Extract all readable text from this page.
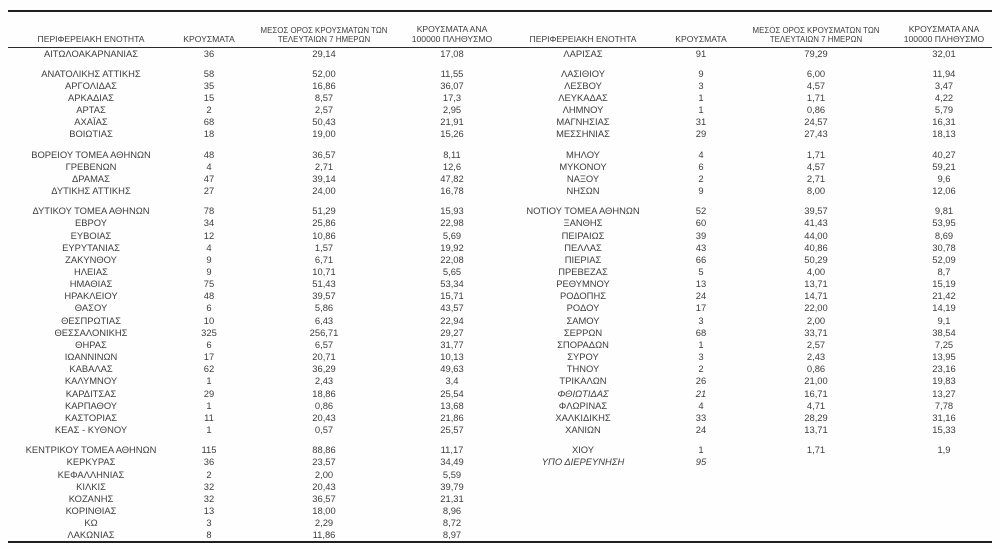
ΠΕΡΙΦΕΡΕΙΑΚΗ ΕΝΟΤΗΤΑ	ΚΡΟΥΣΜΑΤΑ	ΜΕΣΟΣ ΟΡΟΣ ΚΡΟΥΣΜΑΤΩΝ ΤΩΝ ΤΕΛΕΥΤΑΙΩΝ 7 ΗΜΕΡΩΝ	ΚΡΟΥΣΜΑΤΑ ΑΝΑ 100000 ΠΛΗΘΥΣΜΟ	ΠΕΡΙΦΕΡΕΙΑΚΗ ΕΝΟΤΗΤΑ	ΚΡΟΥΣΜΑΤΑ	ΜΕΣΟΣ ΟΡΟΣ ΚΡΟΥΣΜΑΤΩΝ ΤΩΝ ΤΕΛΕΥΤΑΙΩΝ 7 ΗΜΕΡΩΝ	ΚΡΟΥΣΜΑΤΑ ΑΝΑ 100000 ΠΛΗΘΥΣΜΟ
ΑΙΤΩΛΟΑΚΑΡΝΑΝΙΑΣ	36	29,14	17,08	ΛΑΡΙΣΑΣ	91	79,29	32,01

ΑΝΑΤΟΛΙΚΗΣ ΑΤΤΙΚΗΣ	58	52,00	11,55	ΛΑΣΙΘΙΟΥ	9	6,00	11,94
ΑΡΓΟΛΙΔΑΣ	35	16,86	36,07	ΛΕΣΒΟΥ	3	4,57	3,47
ΑΡΚΑΔΙΑΣ	15	8,57	17,3	ΛΕΥΚΑΔΑΣ	1	1,71	4,22
ΑΡΤΑΣ	2	2,57	2,95	ΛΗΜΝΟΥ	1	0,86	5,79
ΑΧΑΪΑΣ	68	50,43	21,91	ΜΑΓΝΗΣΙΑΣ	31	24,57	16,31
ΒΟΙΩΤΙΑΣ	18	19,00	15,26	ΜΕΣΣΗΝΙΑΣ	29	27,43	18,13

ΒΟΡΕΙΟΥ ΤΟΜΕΑ ΑΘΗΝΩΝ	48	36,57	8,11	ΜΗΛΟΥ	4	1,71	40,27
ΓΡΕΒΕΝΩΝ	4	2,71	12,6	ΜΥΚΟΝΟΥ	6	4,57	59,21
ΔΡΑΜΑΣ	47	39,14	47,82	ΝΑΞΟΥ	2	2,71	9,6
ΔΥΤΙΚΗΣ ΑΤΤΙΚΗΣ	27	24,00	16,78	ΝΗΣΩΝ	9	8,00	12,06

ΔΥΤΙΚΟΥ ΤΟΜΕΑ ΑΘΗΝΩΝ	78	51,29	15,93	ΝΟΤΙΟΥ ΤΟΜΕΑ ΑΘΗΝΩΝ	52	39,57	9,81
ΕΒΡΟΥ	34	25,86	22,98	ΞΑΝΘΗΣ	60	41,43	53,95
ΕΥΒΟΙΑΣ	12	10,86	5,69	ΠΕΙΡΑΙΩΣ	39	44,00	8,69
ΕΥΡΥΤΑΝΙΑΣ	4	1,57	19,92	ΠΕΛΛΑΣ	43	40,86	30,78
ΖΑΚΥΝΘΟΥ	9	6,71	22,08	ΠΙΕΡΙΑΣ	66	50,29	52,09
ΗΛΕΙΑΣ	9	10,71	5,65	ΠΡΕΒΕΖΑΣ	5	4,00	8,7
ΗΜΑΘΙΑΣ	75	51,43	53,34	ΡΕΘΥΜΝΟΥ	13	13,71	15,19
ΗΡΑΚΛΕΙΟΥ	48	39,57	15,71	ΡΟΔΟΠΗΣ	24	14,71	21,42
ΘΑΣΟΥ	6	5,86	43,57	ΡΟΔΟΥ	17	22,00	14,19
ΘΕΣΠΡΩΤΙΑΣ	10	6,43	22,94	ΣΑΜΟΥ	3	2,00	9,1
ΘΕΣΣΑΛΟΝΙΚΗΣ	325	256,71	29,27	ΣΕΡΡΩΝ	68	33,71	38,54
ΘΗΡΑΣ	6	6,57	31,77	ΣΠΟΡΑΔΩΝ	1	2,57	7,25
ΙΩΑΝΝΙΝΩΝ	17	20,71	10,13	ΣΥΡΟΥ	3	2,43	13,95
ΚΑΒΑΛΑΣ	62	36,29	49,63	ΤΗΝΟΥ	2	0,86	23,16
ΚΑΛΥΜΝΟΥ	1	2,43	3,4	ΤΡΙΚΑΛΩΝ	26	21,00	19,83
ΚΑΡΔΙΤΣΑΣ	29	18,86	25,54	ΦΘΙΩΤΙΔΑΣ	21	16,71	13,27
ΚΑΡΠΑΘΟΥ	1	0,86	13,68	ΦΛΩΡΙΝΑΣ	4	4,71	7,78
ΚΑΣΤΟΡΙΑΣ	11	20,43	21,86	ΧΑΛΚΙΔΙΚΗΣ	33	28,29	31,16
ΚΕΑΣ - ΚΥΘΝΟΥ	1	0,57	25,57	ΧΑΝΙΩΝ	24	13,71	15,33

ΚΕΝΤΡΙΚΟΥ ΤΟΜΕΑ ΑΘΗΝΩΝ	115	88,86	11,17	ΧΙΟΥ	1	1,71	1,9
ΚΕΡΚΥΡΑΣ	36	23,57	34,49	ΥΠΟ ΔΙΕΡΕΥΝΗΣΗ	95		
ΚΕΦΑΛΛΗΝΙΑΣ	2	2,00	5,59				
ΚΙΛΚΙΣ	32	20,43	39,79				
ΚΟΖΑΝΗΣ	32	36,57	21,31				
ΚΟΡΙΝΘΙΑΣ	13	18,00	8,96				
ΚΩ	3	2,29	8,72				
ΛΑΚΩΝΙΑΣ	8	11,86	8,97				
